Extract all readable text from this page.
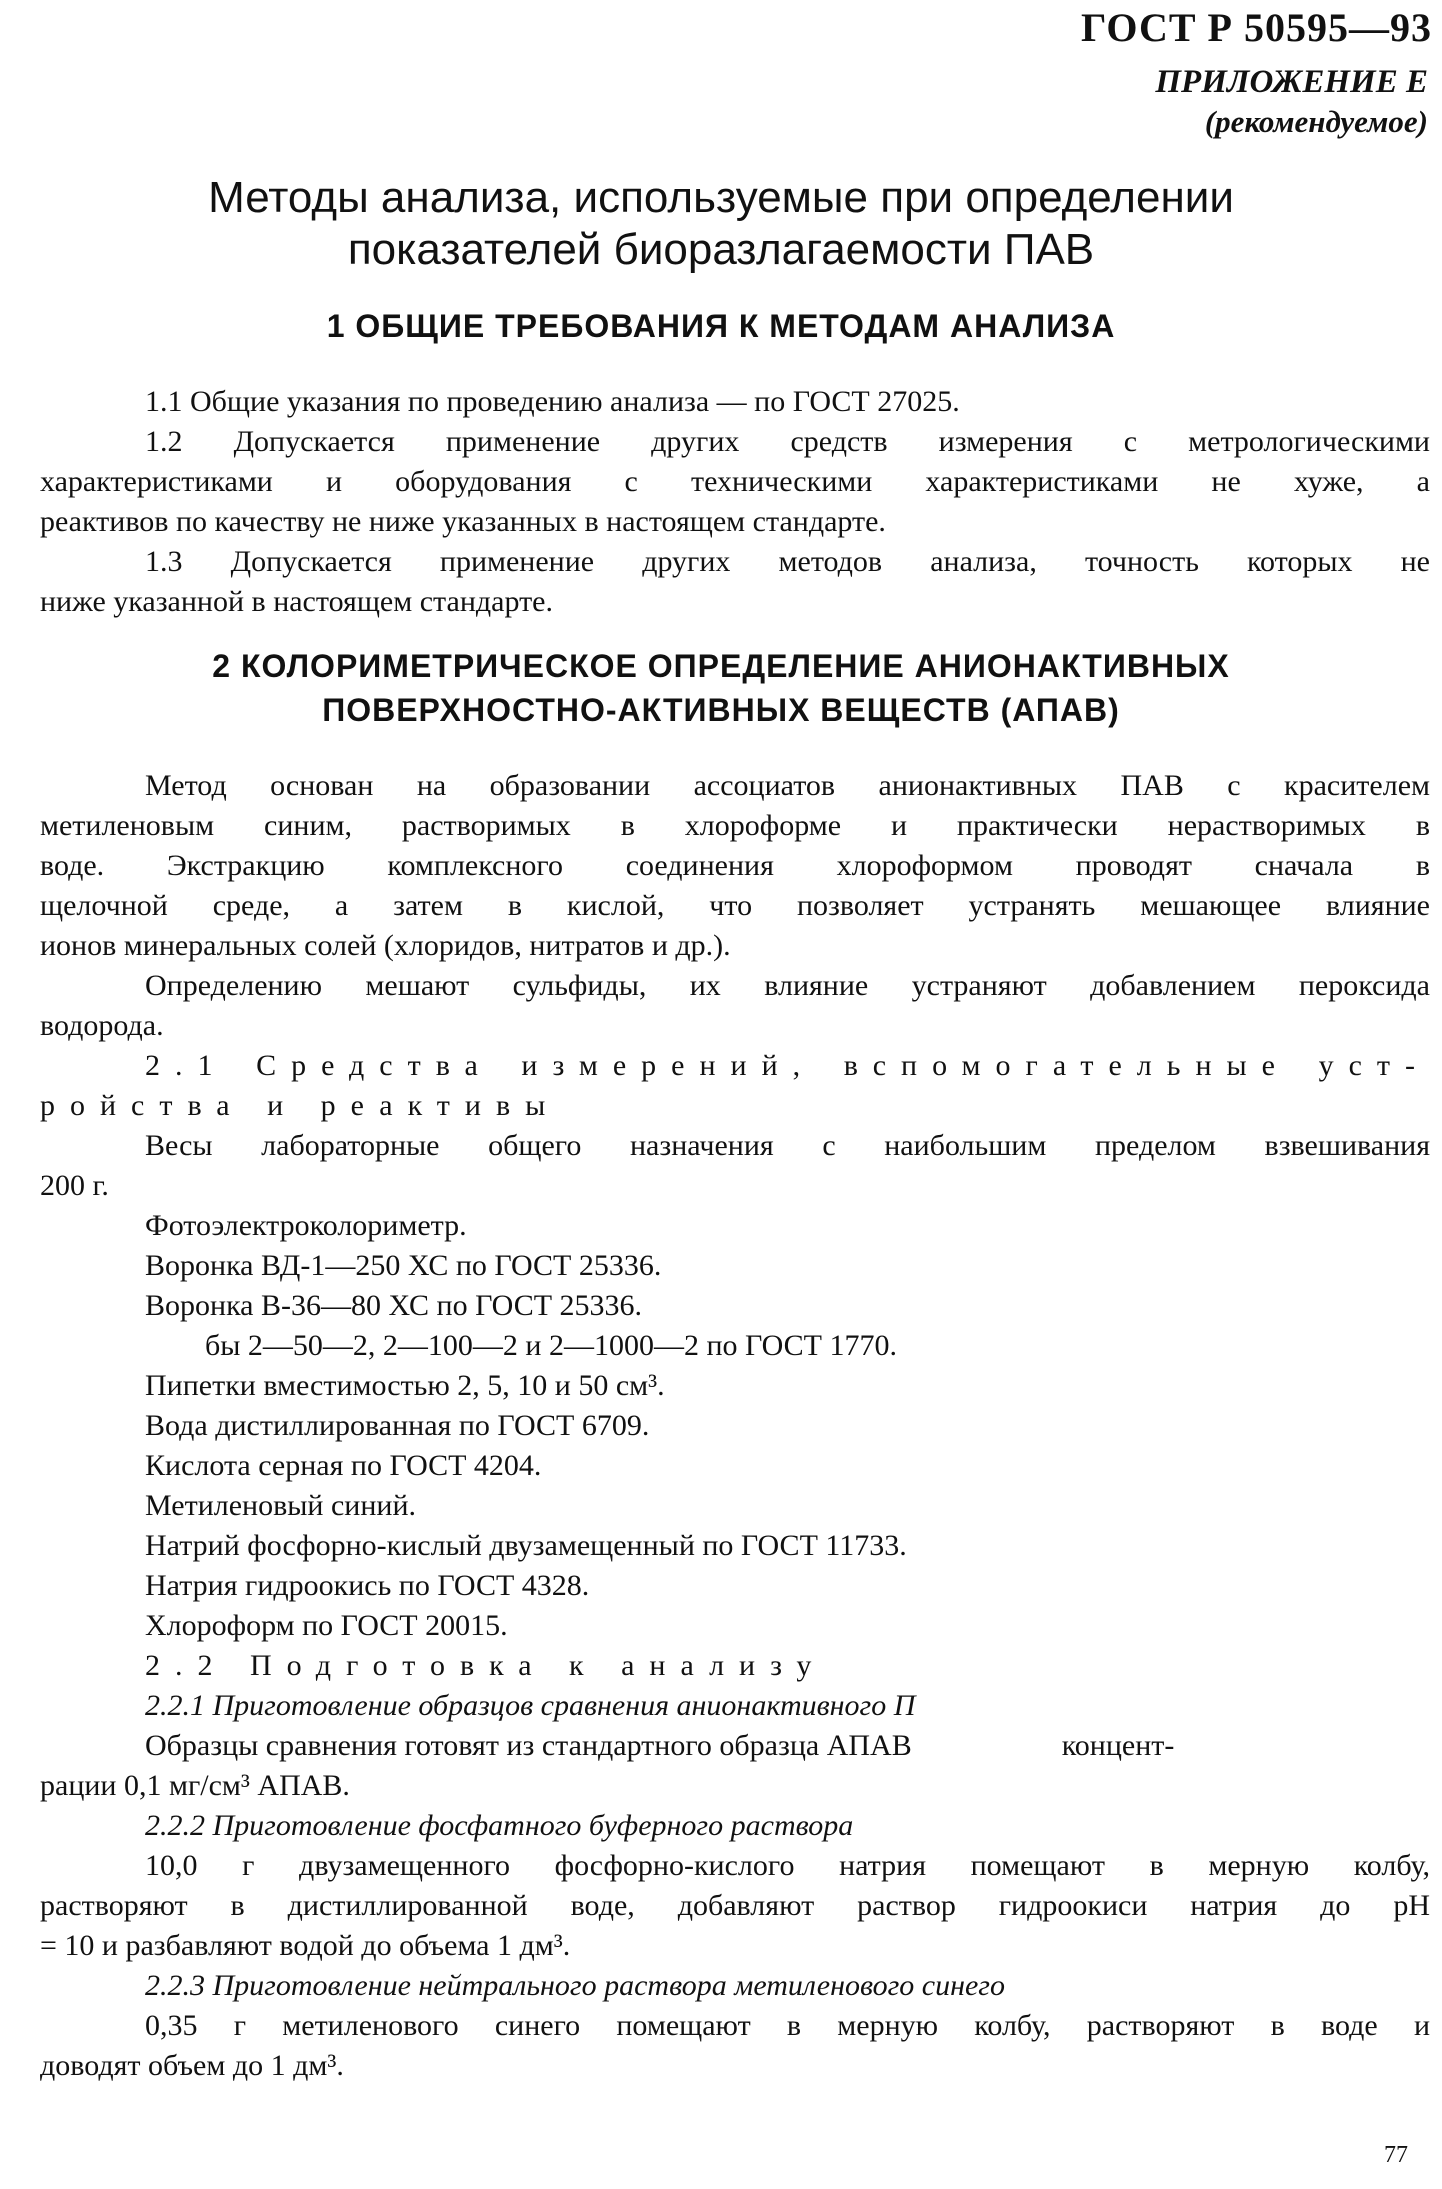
ГОСТ Р 50595—93
ПРИЛОЖЕНИЕ Е
(рекомендуемое)
Методы анализа, используемые при определении
показателей биоразлагаемости ПАВ
1 ОБЩИЕ ТРЕБОВАНИЯ К МЕТОДАМ АНАЛИЗА
1.1 Общие указания по проведению анализа — по ГОСТ 27025.
1.2 Допускается применение других средств измерения с метрологическими
характеристиками и оборудования с техническими характеристиками не хуже, а
реактивов по качеству не ниже указанных в настоящем стандарте.
1.3 Допускается применение других методов анализа, точность которых не
ниже указанной в настоящем стандарте.
2 КОЛОРИМЕТРИЧЕСКОЕ ОПРЕДЕЛЕНИЕ АНИОНАКТИВНЫХ
ПОВЕРХНОСТНО-АКТИВНЫХ ВЕЩЕСТВ (АПАВ)
Метод основан на образовании ассоциатов анионактивных ПАВ с красителем
метиленовым синим, растворимых в хлороформе и практически нерастворимых в
воде. Экстракцию комплексного соединения хлороформом проводят сначала в
щелочной среде, а затем в кислой, что позволяет устранять мешающее влияние
ионов минеральных солей (хлоридов, нитратов и др.).
Определению мешают сульфиды, их влияние устраняют добавлением пероксида
водорода.
2.1 Средства измерений, вспомогательные уст-
ройства и реактивы
Весы лабораторные общего назначения с наибольшим пределом взвешивания
200 г.
Фотоэлектроколориметр.
Воронка ВД-1—250 ХС по ГОСТ 25336.
Воронка В-36—80 ХС по ГОСТ 25336.
бы 2—50—2, 2—100—2 и 2—1000—2 по ГОСТ 1770.
Пипетки вместимостью 2, 5, 10 и 50 см³.
Вода дистиллированная по ГОСТ 6709.
Кислота серная по ГОСТ 4204.
Метиленовый синий.
Натрий фосфорно-кислый двузамещенный по ГОСТ 11733.
Натрия гидроокись по ГОСТ 4328.
Хлороформ по ГОСТ 20015.
2.2 Подготовка к анализу
2.2.1 Приготовление образцов сравнения анионактивного П
Образцы сравнения готовят из стандартного образца АПАВ                    концент-
рации 0,1 мг/см³ АПАВ.
2.2.2 Приготовление фосфатного буферного раствора
10,0 г двузамещенного фосфорно-кислого натрия помещают в мерную колбу,
растворяют в дистиллированной воде, добавляют раствор гидроокиси натрия до pH
= 10 и разбавляют водой до объема 1 дм³.
2.2.3 Приготовление нейтрального раствора метиленового синего
0,35 г метиленового синего помещают в мерную колбу, растворяют в воде и
доводят объем до 1 дм³.
77
